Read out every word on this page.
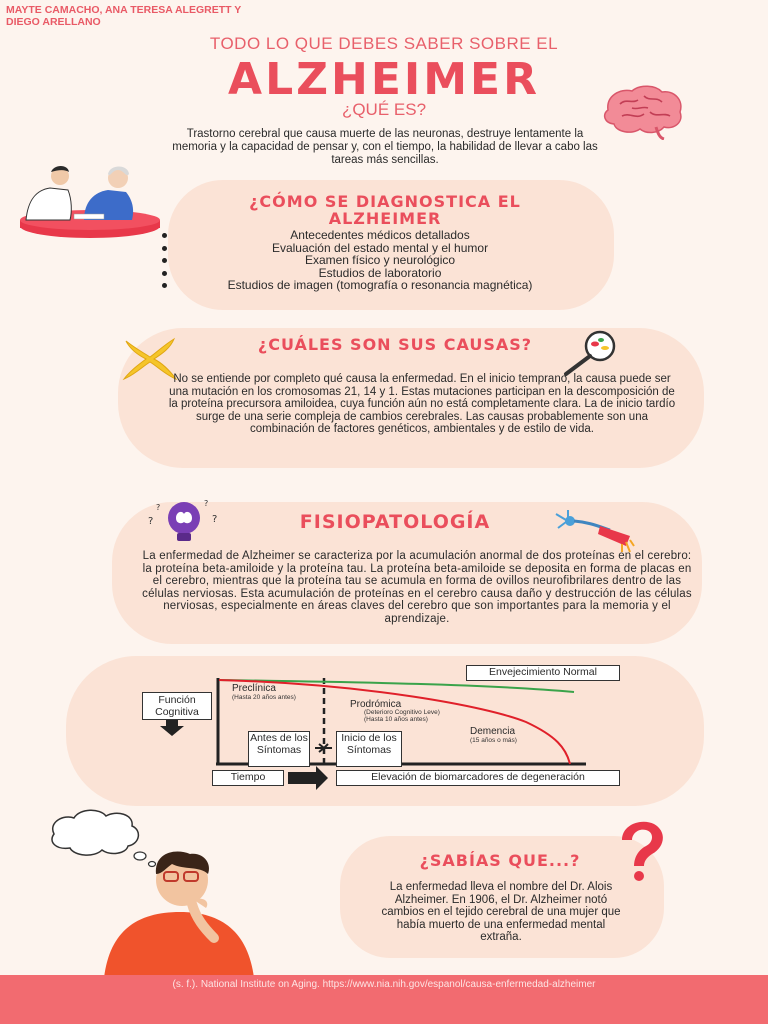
MAYTE CAMACHO, ANA TERESA ALEGRETT Y DIEGO ARELLANO
TODO LO QUE DEBES SABER SOBRE EL
ALZHEIMER
¿QUÉ ES?
Trastorno cerebral que causa muerte de las neuronas, destruye lentamente la memoria y la capacidad de pensar y, con el tiempo, la habilidad de llevar a cabo las tareas más sencillas.
¿CÓMO SE DIAGNOSTICA EL ALZHEIMER
Antecedentes médicos detallados
Evaluación del estado mental y el humor
Examen físico y neurológico
Estudios de laboratorio
Estudios de imagen (tomografía o resonancia magnética)
¿CUÁLES SON SUS CAUSAS?
No se entiende por completo qué causa la enfermedad. En el inicio temprano, la causa puede ser una mutación en los cromosomas 21, 14 y 1. Estas mutaciones participan en la descomposición de la proteína precursora amiloidea, cuya función aún no está completamente clara. La de inicio tardío surge de una serie compleja de cambios cerebrales. Las causas probablemente son una combinación de factores genéticos, ambientales y de estilo de vida.
?
?	?
?	FISIOPATOLOGÍA
La enfermedad de Alzheimer se caracteriza por la acumulación anormal de dos proteínas en el cerebro: la proteína beta-amiloide y la proteína tau. La proteína beta-amiloide se deposita en forma de placas en el cerebro, mientras que la proteína tau se acumula en forma de ovillos neurofibrilares dentro de las células nerviosas. Esta acumulación de proteínas en el cerebro causa daño y destrucción de las células nerviosas, especialmente en áreas claves del cerebro que son importantes para la memoria y el aprendizaje.
Envejecimiento Normal
Función Cognitiva
Preclínica
(Hasta 20 años antes)
Prodrómica
(Deterioro Cognitivo Leve)
(Hasta 10 años antes)
Demencia
(15 años o más)
Antes de los Síntomas
Inicio de los Síntomas
Tiempo	Elevación de biomarcadores de degeneración
¿SABÍAS QUE...?
La enfermedad lleva el nombre del Dr. Alois Alzheimer. En 1906, el Dr. Alzheimer notó cambios en el tejido cerebral de una mujer que había muerto de una enfermedad mental extraña.
(s. f.). National Institute on Aging. https://www.nia.nih.gov/espanol/causa-enfermedad-alzheimer
